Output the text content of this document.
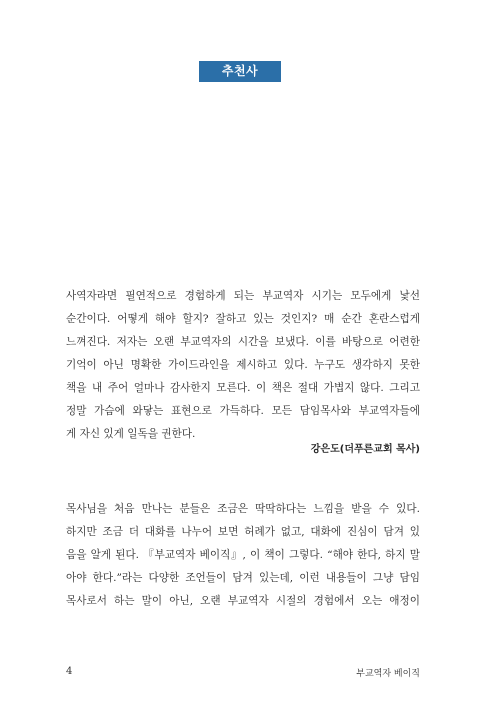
추천사
사역자라면 필연적으로 경험하게 되는 부교역자 시기는 모두에게 낯선
순간이다. 어떻게 해야 할지? 잘하고 있는 것인지? 매 순간 혼란스럽게
느껴진다. 저자는 오랜 부교역자의 시간을 보냈다. 이를 바탕으로 어련한
기억이 아닌 명확한 가이드라인을 제시하고 있다. 누구도 생각하지 못한
책을 내 주어 얼마나 감사한지 모른다. 이 책은 절대 가볍지 않다. 그리고
정말 가슴에 와닿는 표현으로 가득하다. 모든 담임목사와 부교역자들에
게 자신 있게 일독을 권한다.
강은도(더푸른교회 목사)
목사님을 처음 만나는 분들은 조금은 딱딱하다는 느낌을 받을 수 있다.
하지만 조금 더 대화를 나누어 보면 허례가 없고, 대화에 진심이 담겨 있
음을 알게 된다. 『부교역자 베이직』, 이 책이 그렇다. “해야 한다, 하지 말
아야 한다.”라는 다양한 조언들이 담겨 있는데, 이런 내용들이 그냥 담임
목사로서 하는 말이 아닌, 오랜 부교역자 시절의 경험에서 오는 애정이
4	부교역자 베이직
